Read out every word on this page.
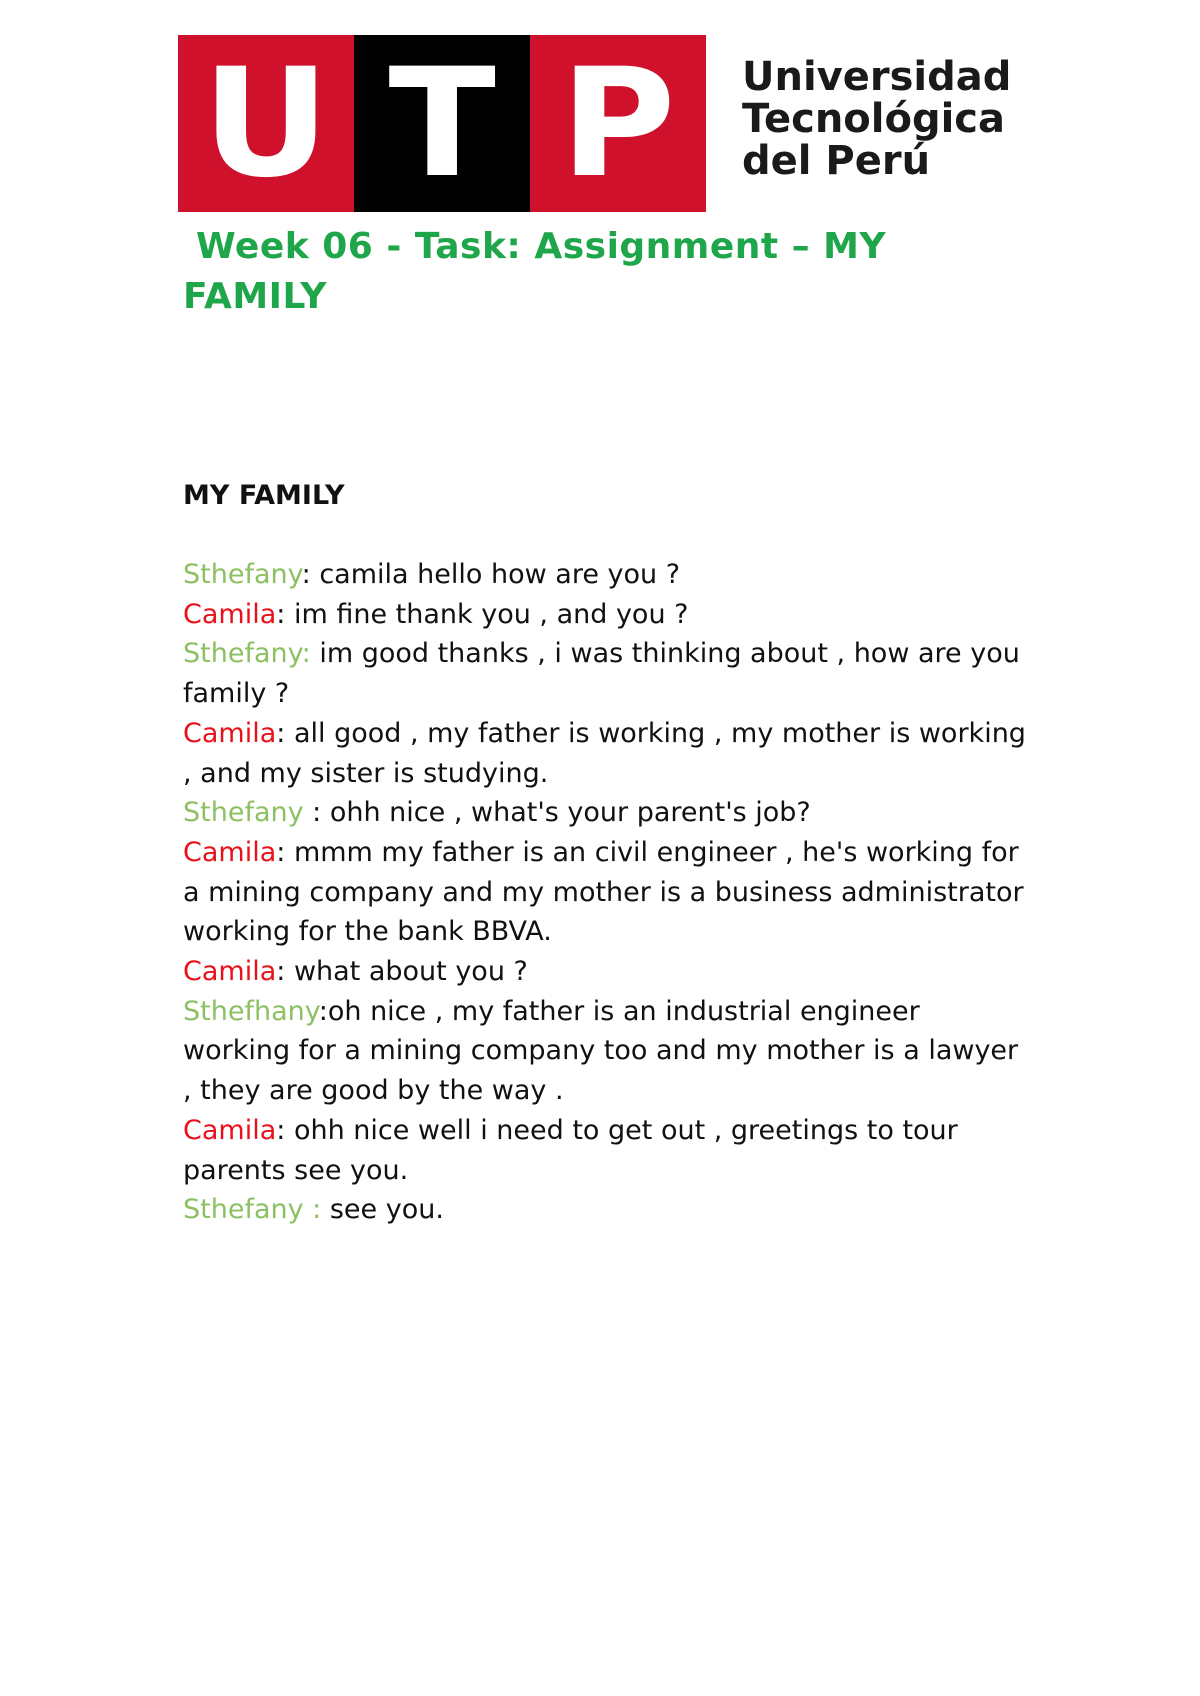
U T P Universidad
Tecnológica
del Perú
Week 06 - Task: Assignment – MY
FAMILY
MY FAMILY

Sthefany: camila hello how are you ?

Camila: im fine thank you , and you ?

Sthefany: im good thanks , i was thinking about , how are you family ?

Camila: all good , my father is working , my mother is working , and my sister is studying.

Sthefany : ohh nice , what's your parent's job?

Camila: mmm my father is an civil engineer , he's working for a mining company and my mother is a business administrator working for the bank BBVA.

Camila: what about you ?

Sthefhany:oh nice , my father is an industrial engineer working for a mining company too and my mother is a lawyer , they are good by the way .

Camila: ohh nice well i need to get out , greetings to tour parents see you.

Sthefany : see you.
